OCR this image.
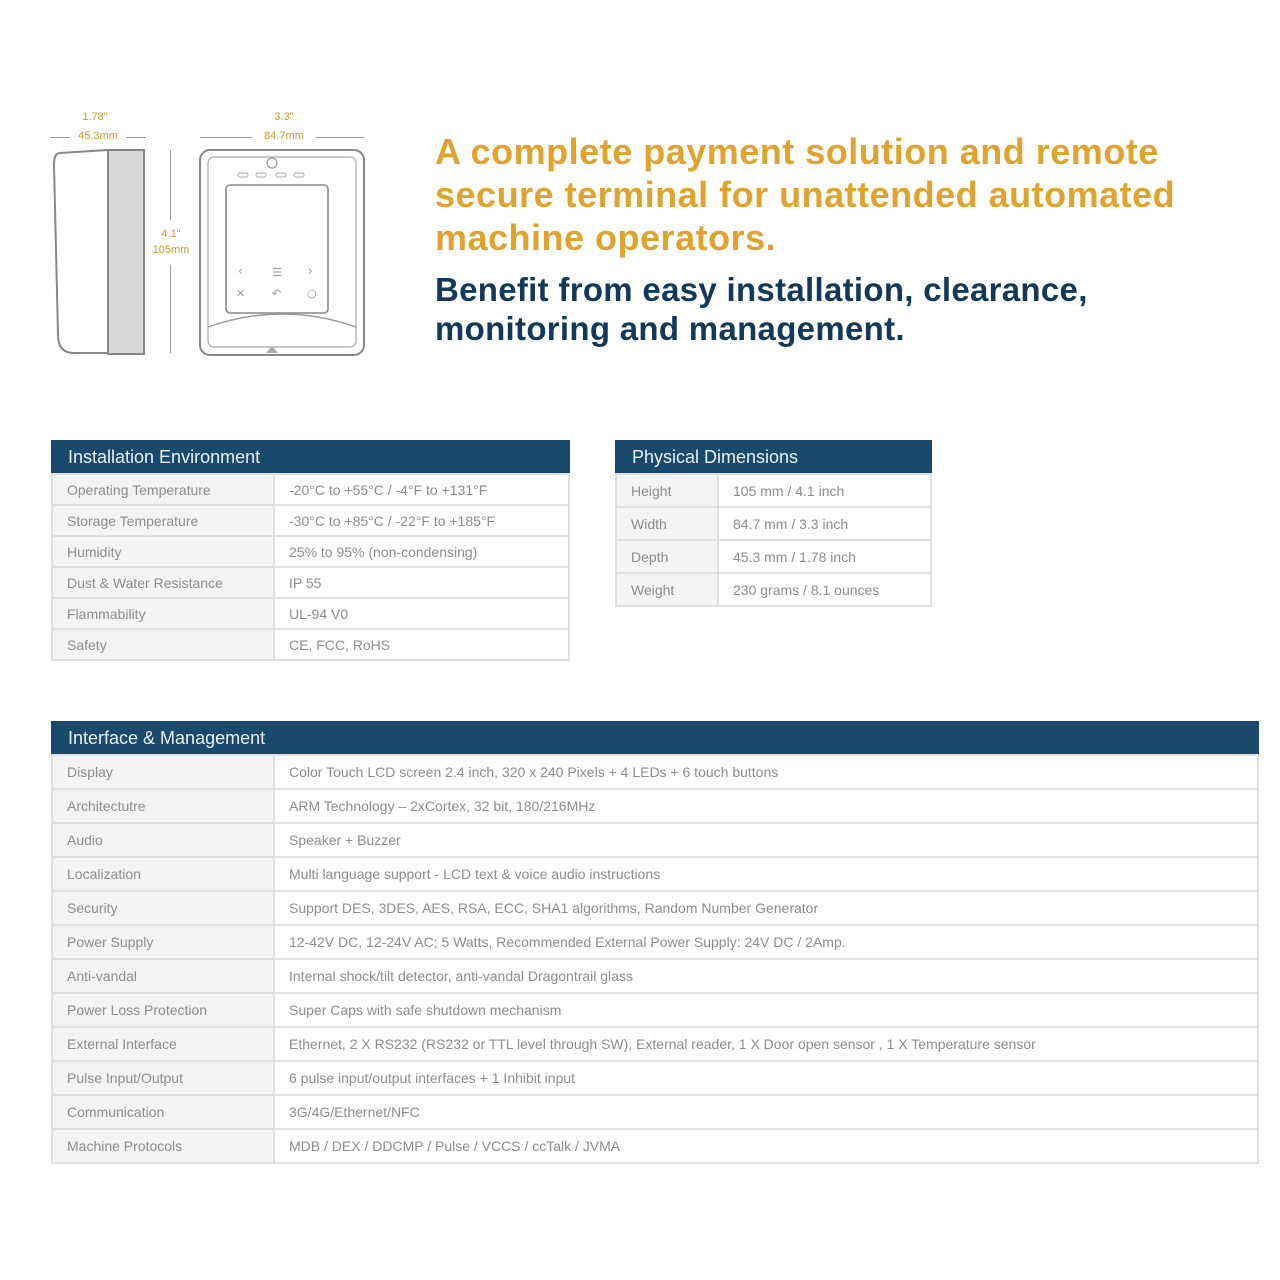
1.78"
45.3mm
3.3"
84.7mm
4.1"
105mm
‹	☰ ›
✕ ↶ ○
A complete payment solution and remote secure terminal for unattended automated machine operators.
Benefit from easy installation, clearance, monitoring and management.
Installation Environment
Operating Temperature	-20°C to +55°C / -4°F to +131°F
Storage Temperature	-30°C to +85°C / -22°F to +185°F
Humidity	25% to 95% (non-condensing)
Dust & Water Resistance	IP 55
Flammability	UL-94 V0
Safety	CE, FCC, RoHS
Physical Dimensions
Height	105 mm / 4.1 inch
Width	84.7 mm / 3.3 inch
Depth	45.3 mm / 1.78 inch
Weight	230 grams / 8.1 ounces
Interface & Management
Display	Color Touch LCD screen 2.4 inch, 320 x 240 Pixels + 4 LEDs + 6 touch buttons
Architectutre	ARM Technology – 2xCortex, 32 bit, 180/216MHz
Audio	Speaker + Buzzer
Localization	Multi language support - LCD text & voice audio instructions
Security	Support DES, 3DES, AES, RSA, ECC, SHA1 algorithms, Random Number Generator
Power Supply	12-42V DC, 12-24V AC; 5 Watts, Recommended External Power Supply: 24V DC / 2Amp.
Anti-vandal	Internal shock/tilt detector, anti-vandal Dragontrail glass
Power Loss Protection	Super Caps with safe shutdown mechanism
External Interface	Ethernet, 2 X RS232 (RS232 or TTL level through SW), External reader, 1 X Door open sensor , 1 X Temperature sensor
Pulse Input/Output	6 pulse input/output interfaces + 1 Inhibit input
Communication	3G/4G/Ethernet/NFC
Machine Protocols	MDB / DEX / DDCMP / Pulse / VCCS / ccTalk / JVMA
